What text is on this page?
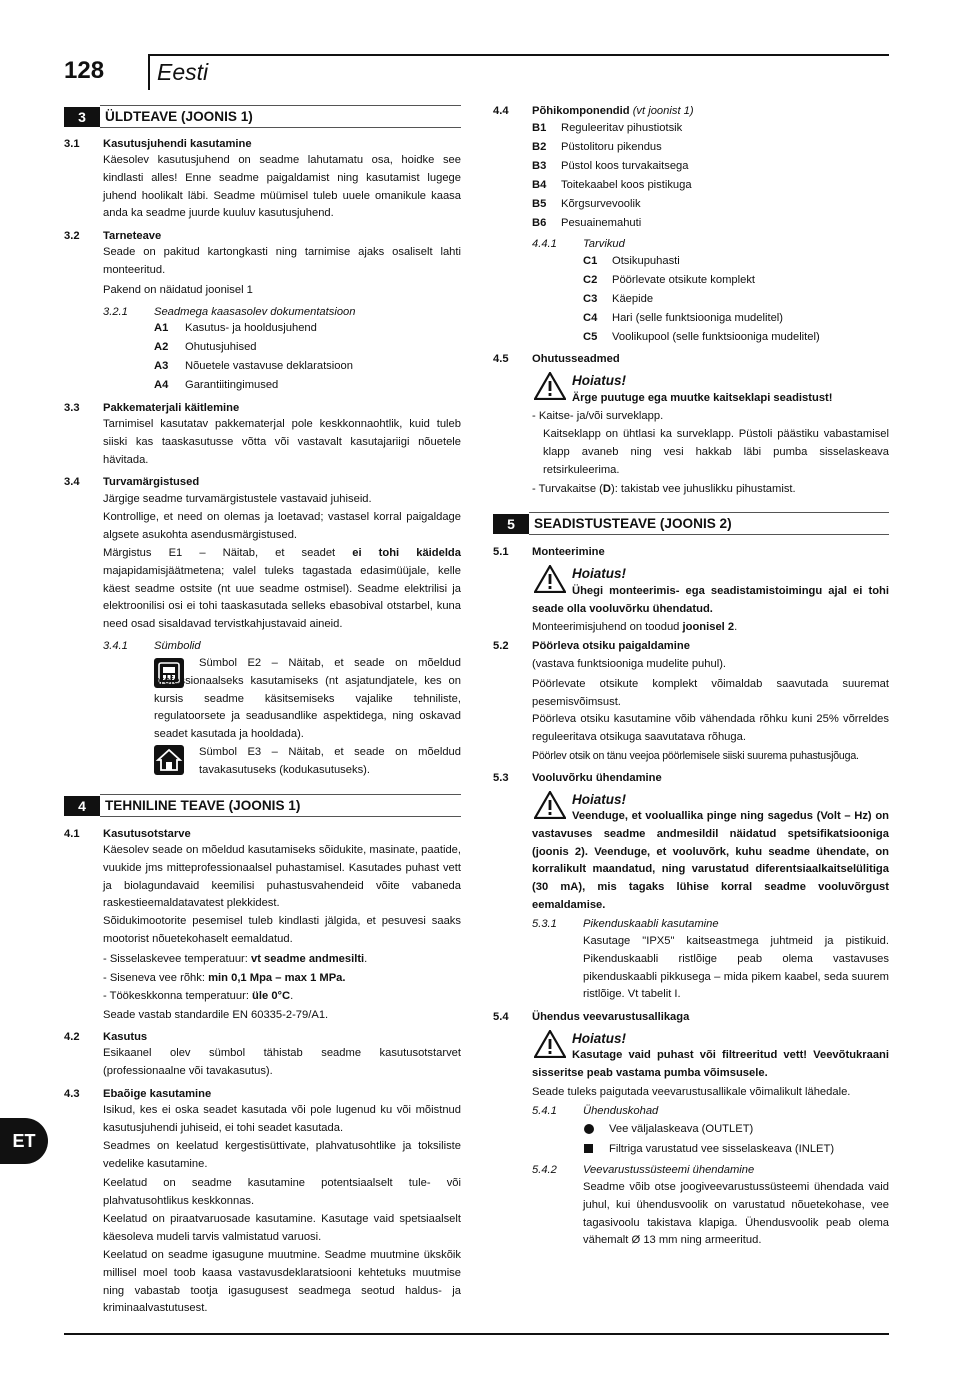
128 Eesti
ET
3	ÜLDTEAVE (JOONIS 1)
3.1 Kasutusjuhendi kasutamine
Käesolev kasutusjuhend on seadme lahutamatu osa, hoidke see kindlasti alles! Enne seadme paigaldamist ning kasutamist lugege juhend hoolikalt läbi. Seadme müümisel tuleb uuele omanikule kaasa anda ka seadme juurde kuuluv kasutusjuhend.
3.2 Tarneteave
Seade on pakitud kartongkasti ning tarnimise ajaks osaliselt lahti monteeritud.
Pakend on näidatud joonisel 1
3.2.1 Seadmega kaasasolev dokumentatsioon
A1 Kasutus- ja hooldusjuhend
A2 Ohutusjuhised
A3 Nõuetele vastavuse deklaratsioon
A4 Garantiitingimused
3.3 Pakkematerjali käitlemine
Tarnimisel kasutatav pakkematerjal pole keskkonnaohtlik, kuid tuleb siiski kas taaskasutusse võtta või vastavalt kasutajariigi nõuetele hävitada.
3.4 Turvamärgistused
Järgige seadme turvamärgistustele vastavaid juhiseid.
Kontrollige, et need on olemas ja loetavad; vastasel korral paigaldage algsete asukohta asendusmärgistused.
Märgistus E1 – Näitab, et seadet ei tohi käidelda majapidamisjäätmetena; valel tuleks tagastada edasimüüjale, kelle käest seadme ostsite (nt uue seadme ostmisel). Seadme elektrilisi ja elektroonilisi osi ei tohi taaskasutada selleks ebasobival otstarbel, kuna need osad sisaldavad tervistkahjustavaid aineid.
3.4.1 Sümbolid
Sümbol E2 – Näitab, et seade on mõeldud professionaalseks kasutamiseks (nt asjatundjatele, kes on kursis seadme käsitsemiseks vajalike tehniliste, regulatoorsete ja seadusandlike aspektidega, ning oskavad seadet kasutada ja hooldada).
Sümbol E3 – Näitab, et seade on mõeldud tavakasutuseks (kodukasutuseks).
4	TEHNILINE TEAVE (JOONIS 1)
4.1 Kasutusotstarve
Käesolev seade on mõeldud kasutamiseks sõidukite, masinate, paatide, vuukide jms mitteprofessionaalsel puhastamisel. Kasutades puhast vett ja biolagundavaid keemilisi puhastusvahendeid võite vabaneda raskestieemaldatavatest plekkidest.
Sõidukimootorite pesemisel tuleb kindlasti jälgida, et pesuvesi saaks mootorist nõuetekohaselt eemaldatud.
- Sisselaskevee temperatuur: vt seadme andmesilti.
- Siseneva vee rõhk: min 0,1 Mpa – max 1 MPa.
- Töökeskkonna temperatuur: üle 0°C.
Seade vastab standardile EN 60335-2-79/A1.
4.2 Kasutus
Esikaanel olev sümbol tähistab seadme kasutusotstarvet (professionaalne või tavakasutus).
4.3 Ebaõige kasutamine
Isikud, kes ei oska seadet kasutada või pole lugenud ku või mõistnud kasutusjuhendi juhiseid, ei tohi seadet kasutada.
Seadmes on keelatud kergestisüttivate, plahvatusohtlike ja toksiliste vedelike kasutamine.
Keelatud on seadme kasutamine potentsiaalselt tule- või plahvatusohtlikus keskkonnas.
Keelatud on piraatvaruosade kasutamine. Kasutage vaid spetsiaalselt käesoleva mudeli tarvis valmistatud varuosi.
Keelatud on seadme igasugune muutmine. Seadme muutmine ükskõik millisel moel toob kaasa vastavusdeklaratsiooni kehtetuks muutmise ning vabastab tootja igasugusest seadmega seotud haldus- ja kriminaalvastutusest.
4.4 Põhikomponendid (vt joonist 1)
B1 Reguleeritav pihustiotsik
B2 Püstolitoru pikendus
B3 Püstol koos turvakaitsega
B4 Toitekaabel koos pistikuga
B5 Kõrgsurvevoolik
B6 Pesuainemahuti
4.4.1 Tarvikud
C1 Otsikupuhasti
C2 Pöörlevate otsikute komplekt
C3 Käepide
C4 Hari (selle funktsiooniga mudelitel)
C5 Voolikupool (selle funktsiooniga mudelitel)
4.5 Ohutusseadmed
Hoiatus!
Ärge puutuge ega muutke kaitseklapi seadistust!
- Kaitse- ja/või surveklapp.
Kaitseklapp on ühtlasi ka surveklapp. Püstoli päästiku vabastamisel klapp avaneb ning vesi hakkab läbi pumba sisselaskeava retsirkuleerima.
- Turvakaitse (D): takistab vee juhuslikku pihustamist.
5	SEADISTUSTEAVE (JOONIS 2)
5.1 Monteerimine
Hoiatus!
Ühegi monteerimis- ega seadistamistoimingu ajal ei tohi seade olla vooluvõrku ühendatud.
Monteerimisjuhend on toodud joonisel 2.
5.2 Pöörleva otsiku paigaldamine
(vastava funktsiooniga mudelite puhul).
Pöörlevate otsikute komplekt võimaldab saavutada suuremat pesemisvõimsust.
Pöörleva otsiku kasutamine võib vähendada rõhku kuni 25% võrreldes reguleeritava otsikuga saavutatava rõhuga.
Pöörlev otsik on tänu veejoa pöörlemisele siiski suurema puhastusjõuga.
5.3 Vooluvõrku ühendamine
Hoiatus!
Veenduge, et vooluallika pinge ning sagedus (Volt – Hz) on vastavuses seadme andmesildil näidatud spetsifikatsiooniga (joonis 2). Veenduge, et vooluvõrk, kuhu seadme ühendate, on korralikult maandatud, ning varustatud diferentsiaalkaitselülitiga (30 mA), mis tagaks lühise korral seadme vooluvõrgust eemaldamise.
5.3.1 Pikenduskaabli kasutamine
Kasutage "IPX5" kaitseastmega juhtmeid ja pistikuid. Pikenduskaabli ristlõige peab olema vastavuses pikenduskaabli pikkusega – mida pikem kaabel, seda suurem ristlõige. Vt tabelit I.
5.4 Ühendus veevarustusallikaga
Hoiatus!
Kasutage vaid puhast või filtreeritud vett! Veevõtukraani sisseritse peab vastama pumba võimsusele.
Seade tuleks paigutada veevarustusallikale võimalikult lähedale.
5.4.1 Ühenduskohad
Vee väljalaskeava (OUTLET)
Filtriga varustatud vee sisselaskeava (INLET)
5.4.2 Veevarustussüsteemi ühendamine
Seadme võib otse joogiveevarustussüsteemi ühendada vaid juhul, kui ühendusvoolik on varustatud nõuetekohase, vee tagasivoolu takistava klapiga. Ühendusvoolik peab olema vähemalt Ø 13 mm ning armeeritud.
